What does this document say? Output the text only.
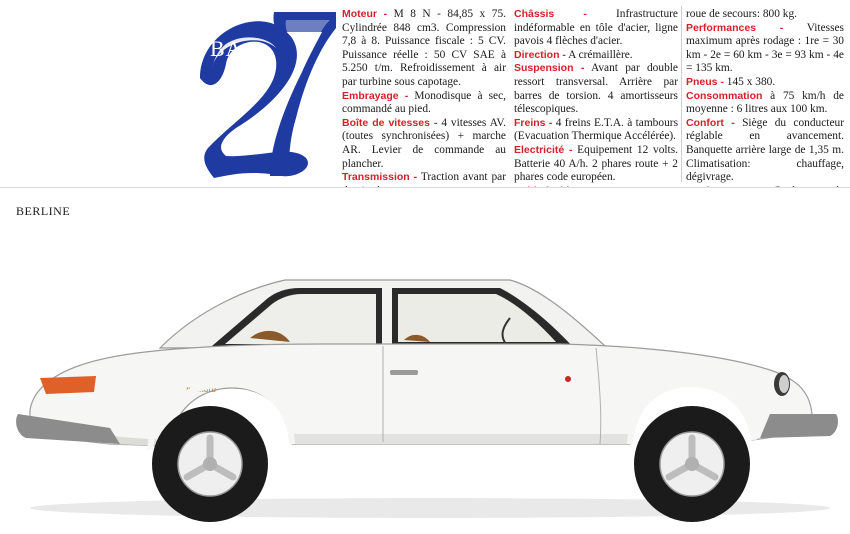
BA

Moteur - M 8 N - 84,85 x 75. Cylindrée 848 cm3. Compression 7,8 à 8. Puissance fiscale : 5 CV. Puissance réelle : 50 CV SAE à 5.250 t/m. Refroidissement à air par turbine sous capotage.

Embrayage - Monodisque à sec, commandé au pied.

Boîte de vitesses - 4 vitesses AV. (toutes synchronisées) + marche AR. Levier de commande au plancher.

Transmission - Traction avant par

Châssis - Infrastructure indéformable en tôle d'acier, ligne pavois 4 flèches d'acier.

Direction - A crémaillère.

Suspension - Avant par double ressort transversal. Arrière par barres de torsion. 4 amortisseurs télescopiques.

Freins - 4 freins E.T.A. à tambours (Evacuation Thermique Accélérée).

Electricité - Equipement 12 volts. Batterie 40 A/h. 2 phares route + 2 phares code européen.

roue de secours: 800 kg.

Performances - Vitesses maximum après rodage : 1re = 30 km - 2e = 60 km - 3e = 93 km - 4e = 135 km.

Pneus - 145 x 380.

Consommation à 75 km/h de moyenne : 6 litres aux 100 km.

Confort - Siège du conducteur réglable en avancement. Banquette arrière large de 1,35 m. Climatisation: chauffage, dégivrage.

BERLINE
panhard
